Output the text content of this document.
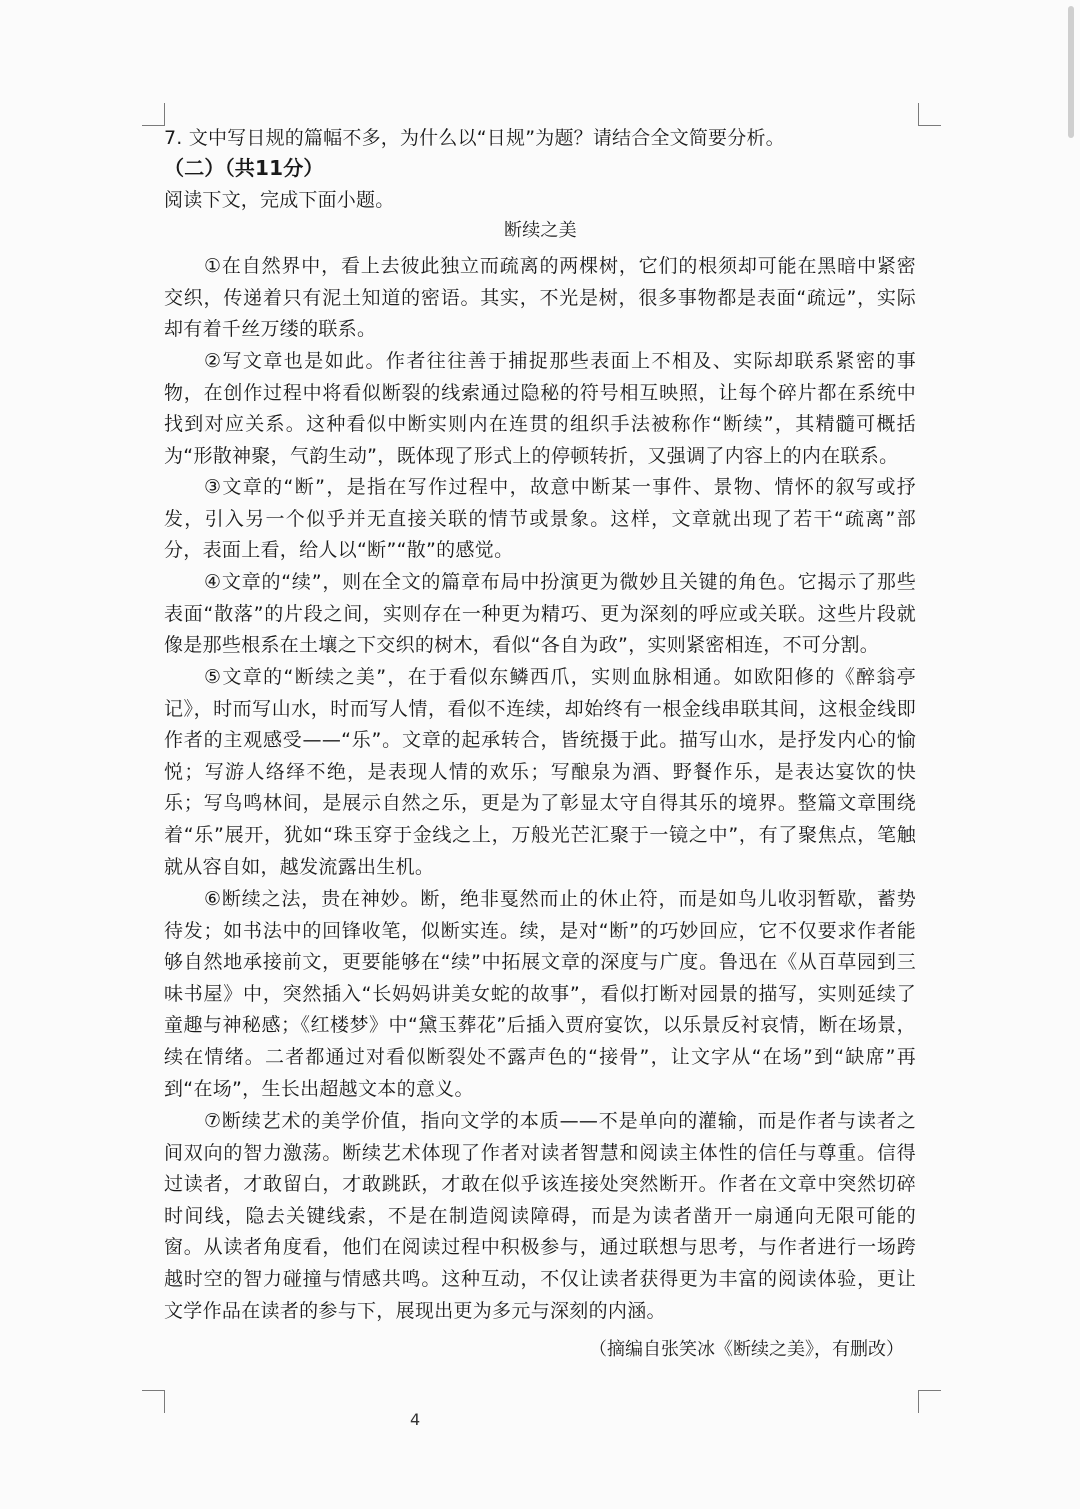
7. 文中写日规的篇幅不多，为什么以“日规”为题？请结合全文简要分析。
（二）（共11分）
阅读下文，完成下面小题。
断续之美
①在自然界中，看上去彼此独立而疏离的两棵树，它们的根须却可能在黑暗中紧密交织，传递着只有泥土知道的密语。其实，不光是树，很多事物都是表面“疏远”，实际却有着千丝万缕的联系。
②写文章也是如此。作者往往善于捕捉那些表面上不相及、实际却联系紧密的事物，在创作过程中将看似断裂的线索通过隐秘的符号相互映照，让每个碎片都在系统中找到对应关系。这种看似中断实则内在连贯的组织手法被称作“断续”，其精髓可概括为“形散神聚，气韵生动”，既体现了形式上的停顿转折，又强调了内容上的内在联系。
③文章的“断”，是指在写作过程中，故意中断某一事件、景物、情怀的叙写或抒发，引入另一个似乎并无直接关联的情节或景象。这样，文章就出现了若干“疏离”部分，表面上看，给人以“断”“散”的感觉。
④文章的“续”，则在全文的篇章布局中扮演更为微妙且关键的角色。它揭示了那些表面“散落”的片段之间，实则存在一种更为精巧、更为深刻的呼应或关联。这些片段就像是那些根系在土壤之下交织的树木，看似“各自为政”，实则紧密相连，不可分割。
⑤文章的“断续之美”，在于看似东鳞西爪，实则血脉相通。如欧阳修的《醉翁亭记》，时而写山水，时而写人情，看似不连续，却始终有一根金线串联其间，这根金线即作者的主观感受——“乐”。文章的起承转合，皆统摄于此。描写山水，是抒发内心的愉悦；写游人络绎不绝，是表现人情的欢乐；写酿泉为酒、野餐作乐，是表达宴饮的快乐；写鸟鸣林间，是展示自然之乐，更是为了彰显太守自得其乐的境界。整篇文章围绕着“乐”展开，犹如“珠玉穿于金线之上，万般光芒汇聚于一镜之中”，有了聚焦点，笔触就从容自如，越发流露出生机。
⑥断续之法，贵在神妙。断，绝非戛然而止的休止符，而是如鸟儿收羽暂歇，蓄势待发；如书法中的回锋收笔，似断实连。续，是对“断”的巧妙回应，它不仅要求作者能够自然地承接前文，更要能够在“续”中拓展文章的深度与广度。鲁迅在《从百草园到三味书屋》中，突然插入“长妈妈讲美女蛇的故事”，看似打断对园景的描写，实则延续了童趣与神秘感；《红楼梦》中“黛玉葬花”后插入贾府宴饮，以乐景反衬哀情，断在场景，续在情绪。二者都通过对看似断裂处不露声色的“接骨”，让文字从“在场”到“缺席”再到“在场”，生长出超越文本的意义。
⑦断续艺术的美学价值，指向文学的本质——不是单向的灌输，而是作者与读者之间双向的智力激荡。断续艺术体现了作者对读者智慧和阅读主体性的信任与尊重。信得过读者，才敢留白，才敢跳跃，才敢在似乎该连接处突然断开。作者在文章中突然切碎时间线，隐去关键线索，不是在制造阅读障碍，而是为读者凿开一扇通向无限可能的窗。从读者角度看，他们在阅读过程中积极参与，通过联想与思考，与作者进行一场跨越时空的智力碰撞与情感共鸣。这种互动，不仅让读者获得更为丰富的阅读体验，更让文学作品在读者的参与下，展现出更为多元与深刻的内涵。
（摘编自张笑冰《断续之美》，有删改）
4
